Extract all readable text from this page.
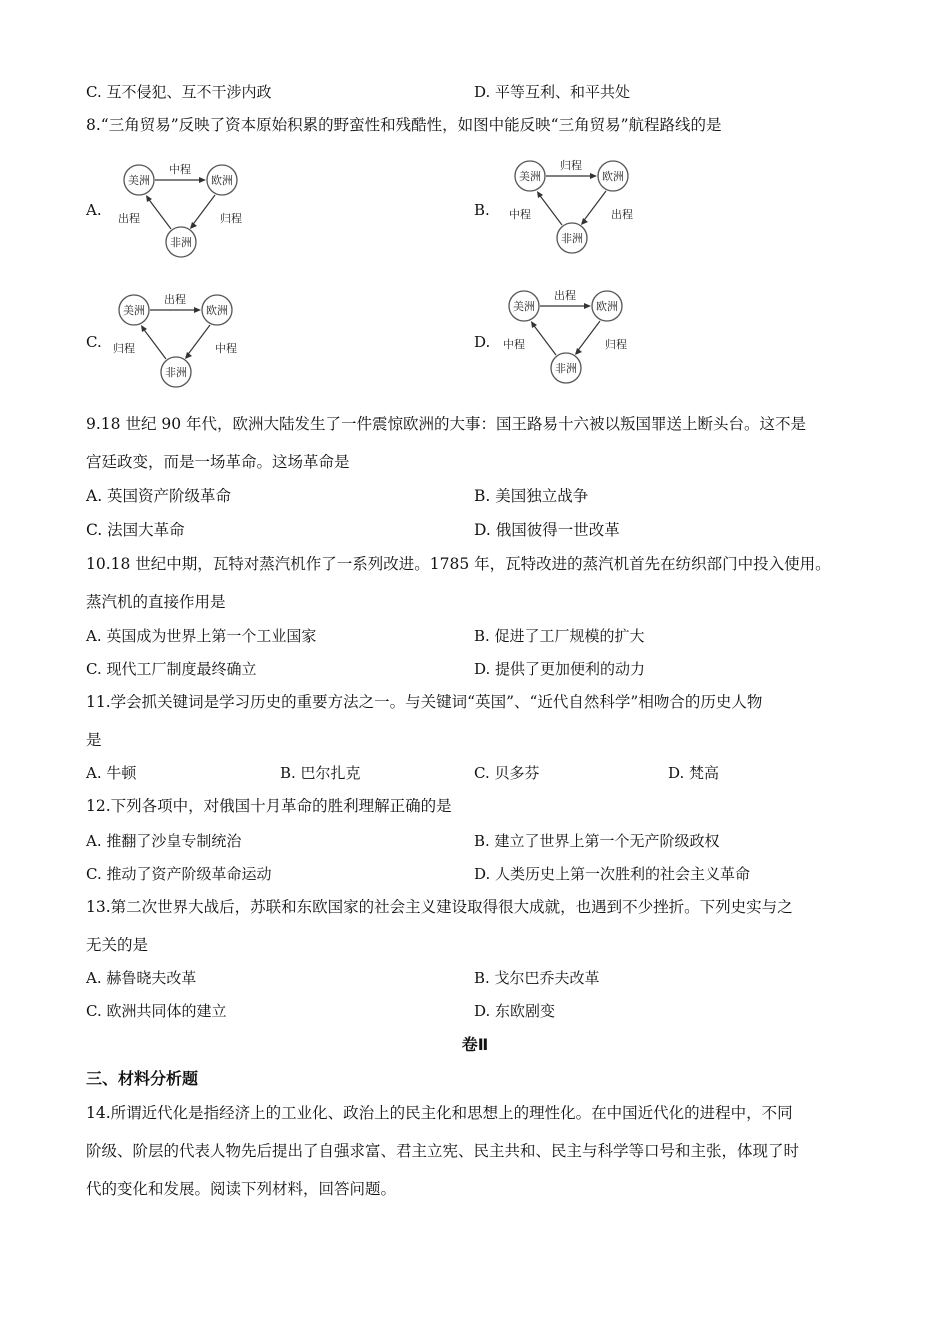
C. 互不侵犯、互不干涉内政	D. 平等互利、和平共处
8.“三角贸易”反映了资本原始积累的野蛮性和残酷性，如图中能反映“三角贸易”航程路线的是
A.
美洲	欧洲
非洲
中程
出程	归程	B.
美洲	欧洲
非洲
归程
中程	出程
C.
美洲	欧洲
非洲
出程
归程	中程	D.
美洲	欧洲
非洲
出程
中程	归程
9.18 世纪 90 年代，欧洲大陆发生了一件震惊欧洲的大事：国王路易十六被以叛国罪送上断头台。这不是
宫廷政变，而是一场革命。这场革命是
A. 英国资产阶级革命	B. 美国独立战争
C. 法国大革命	D. 俄国彼得一世改革
10.18 世纪中期，瓦特对蒸汽机作了一系列改进。1785 年，瓦特改进的蒸汽机首先在纺织部门中投入使用。
蒸汽机的直接作用是
A. 英国成为世界上第一个工业国家	B. 促进了工厂规模的扩大
C. 现代工厂制度最终确立	D. 提供了更加便利的动力
11.学会抓关键词是学习历史的重要方法之一。与关键词“英国”、“近代自然科学”相吻合的历史人物
是
A. 牛顿	B. 巴尔扎克	C. 贝多芬	D. 梵高
12.下列各项中，对俄国十月革命的胜利理解正确的是
A. 推翻了沙皇专制统治	B. 建立了世界上第一个无产阶级政权
C. 推动了资产阶级革命运动	D. 人类历史上第一次胜利的社会主义革命
13.第二次世界大战后，苏联和东欧国家的社会主义建设取得很大成就，也遇到不少挫折。下列史实与之
无关的是
A. 赫鲁晓夫改革	B. 戈尔巴乔夫改革
C. 欧洲共同体的建立	D. 东欧剧变
卷Ⅱ
三、材料分析题
14.所谓近代化是指经济上的工业化、政治上的民主化和思想上的理性化。在中国近代化的进程中，不同
阶级、阶层的代表人物先后提出了自强求富、君主立宪、民主共和、民主与科学等口号和主张，体现了时
代的变化和发展。阅读下列材料，回答问题。
